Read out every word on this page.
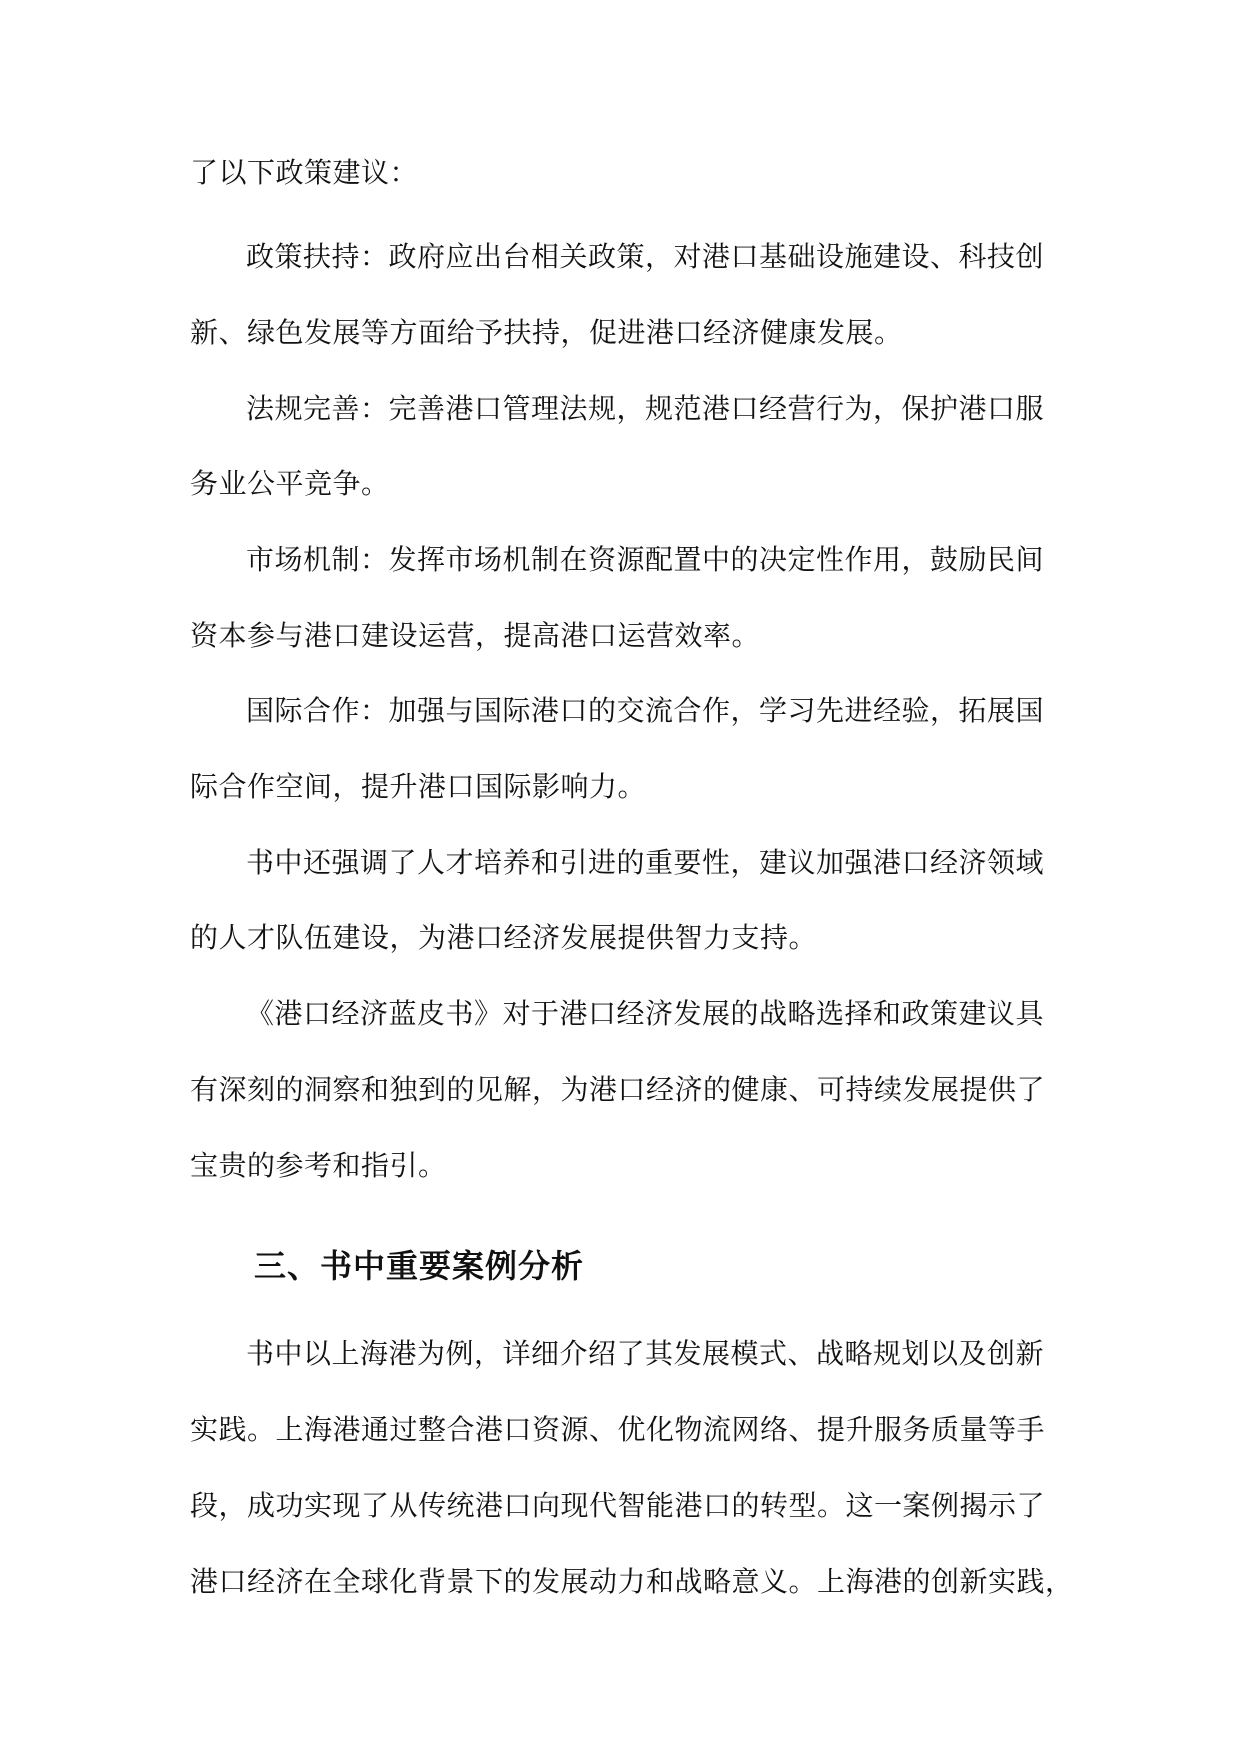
了以下政策建议：
政策扶持：政府应出台相关政策，对港口基础设施建设、科技创
新、绿色发展等方面给予扶持，促进港口经济健康发展。
法规完善：完善港口管理法规，规范港口经营行为，保护港口服
务业公平竞争。
市场机制：发挥市场机制在资源配置中的决定性作用，鼓励民间
资本参与港口建设运营，提高港口运营效率。
国际合作：加强与国际港口的交流合作，学习先进经验，拓展国
际合作空间，提升港口国际影响力。
书中还强调了人才培养和引进的重要性，建议加强港口经济领域
的人才队伍建设，为港口经济发展提供智力支持。
《港口经济蓝皮书》对于港口经济发展的战略选择和政策建议具
有深刻的洞察和独到的见解，为港口经济的健康、可持续发展提供了
宝贵的参考和指引。
三、书中重要案例分析
书中以上海港为例，详细介绍了其发展模式、战略规划以及创新
实践。上海港通过整合港口资源、优化物流网络、提升服务质量等手
段，成功实现了从传统港口向现代智能港口的转型。这一案例揭示了
港口经济在全球化背景下的发展动力和战略意义。上海港的创新实践，
